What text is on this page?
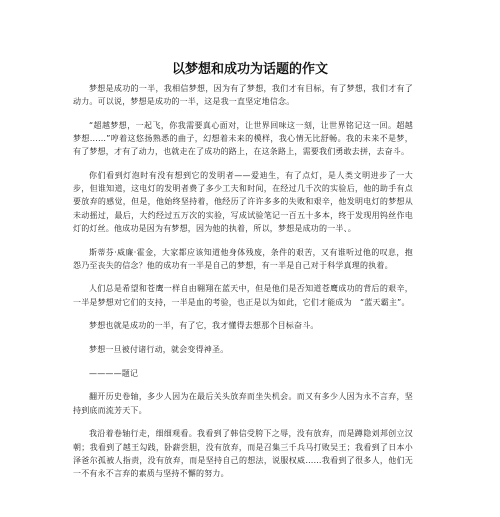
以梦想和成功为话题的作文

梦想是成功的一半，我相信梦想，因为有了梦想，我们才有目标，有了梦想，我们才有了动力。可以说，梦想是成功的一半，这是我一直坚定地信念。

“超越梦想，一起飞，你我需要真心面对，让世界回味这一刻，让世界铭记这一回。超越梦想……”哼着这悠扬熟悉的曲子，幻想着未来的模样，我心情无比舒畅。我的未来不是梦，有了梦想，才有了动力，也就走在了成功的路上，在这条路上，需要我们勇敢去拼，去奋斗。

你们看到灯泡时有没有想到它的发明者——爱迪生，有了点灯，是人类文明进步了一大步，但谁知道，这电灯的发明者费了多少工夫和时间，在经过几千次的实验后，他的助手有点要放弃的感觉，但是，他始终坚持着，他经历了许许多多的失败和艰辛，他发明电灯的梦想从未动摇过，最后，大约经过五万次的实验，写成试验笔记一百五十多本，终于发现用钨丝作电灯的灯丝。他成功是因为有梦想，因为他的执着，所以，梦想是成功的一半、。

斯蒂芬·威廉·霍金，大家都应该知道他身体残废，条件的艰苦，又有谁听过他的叹息，抱怨乃至丧失的信念？他的成功有一半是自己的梦想，有一半是自己对于科学真理的执着。

人们总是希望和苍鹰一样自由翱翔在蓝天中，但是他们是否知道苍鹰成功的背后的艰辛，一半是梦想对它们的支持，一半是血的考验，也正是以为如此，它们才能成为　“蓝天霸主”。

梦想也就是成功的一半，有了它，我才懂得去想那个目标奋斗。

梦想一旦被付诸行动，就会变得神圣。

————题记

翻开历史卷轴，多少人因为在最后关头放弃而坐失机会。而又有多少人因为永不言弃，坚持到底而流芳天下。

我沿着卷轴行走，细细观看。我看到了韩信受胯下之辱，没有放弃，而是蹲隐刘邦创立汉朝；我看到了越王勾践，卧薪尝胆，没有放弃，而是召集三千兵马打败吴王；我看到了日本小泽爸尔孤被人指责，没有放弃，而是坚持自己的想法，说服权威……我看到了很多人，他们无一不有永不言弃的素质与坚持不懈的努力。
